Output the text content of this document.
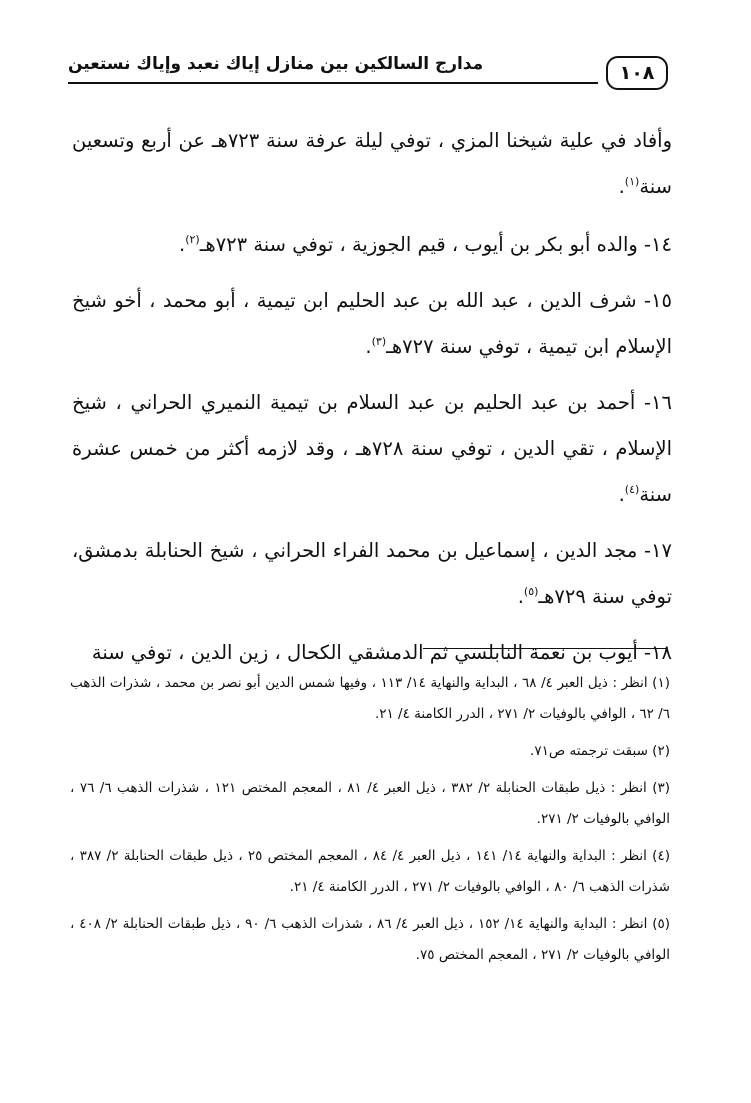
مدارج السالكين بين منازل إياك نعبد وإياك نستعين	١٠٨

وأفاد في علية شيخنا المزي ، توفي ليلة عرفة سنة ٧٢٣هـ عن أربع وتسعين سنة$^{(١)}$.

١٤- والده أبو بكر بن أيوب ، قيم الجوزية ، توفي سنة ٧٢٣هـ$^{(٢)}$.

١٥- شرف الدين ، عبد الله بن عبد الحليم ابن تيمية ، أبو محمد ، أخو شيخ الإسلام ابن تيمية ، توفي سنة ٧٢٧هـ$^{(٣)}$.

١٦- أحمد بن عبد الحليم بن عبد السلام بن تيمية النميري الحراني ، شيخ الإسلام ، تقي الدين ، توفي سنة ٧٢٨هـ ، وقد لازمه أكثر من خمس عشرة سنة$^{(٤)}$.

١٧- مجد الدين ، إسماعيل بن محمد الفراء الحراني ، شيخ الحنابلة بدمشق، توفي سنة ٧٢٩هـ$^{(٥)}$.

١٨- أيوب بن نعمة النابلسي ثم الدمشقي الكحال ، زين الدين ، توفي سنة

(١) انظر : ذيل العبر ٤/ ٦٨ ، البداية والنهاية ١٤/ ١١٣ ، وفيها شمس الدين أبو نصر بن محمد ، شذرات الذهب ٦/ ٦٢ ، الوافي بالوفيات ٢/ ٢٧١ ، الدرر الكامنة ٤/ ٢١.

(٢) سبقت ترجمته ص٧١.

(٣) انظر : ذيل طبقات الحنابلة ٢/ ٣٨٢ ، ذيل العبر ٤/ ٨١ ، المعجم المختص ١٢١ ، شذرات الذهب ٦/ ٧٦ ، الوافي بالوفيات ٢/ ٢٧١.

(٤) انظر : البداية والنهاية ١٤/ ١٤١ ، ذيل العبر ٤/ ٨٤ ، المعجم المختص ٢٥ ، ذيل طبقات الحنابلة ٢/ ٣٨٧ ، شذرات الذهب ٦/ ٨٠ ، الوافي بالوفيات ٢/ ٢٧١ ، الدرر الكامنة ٤/ ٢١.

(٥) انظر : البداية والنهاية ١٤/ ١٥٢ ، ذيل العبر ٤/ ٨٦ ، شذرات الذهب ٦/ ٩٠ ، ذيل طبقات الحنابلة ٢/ ٤٠٨ ، الوافي بالوفيات ٢/ ٢٧١ ، المعجم المختص ٧٥.
